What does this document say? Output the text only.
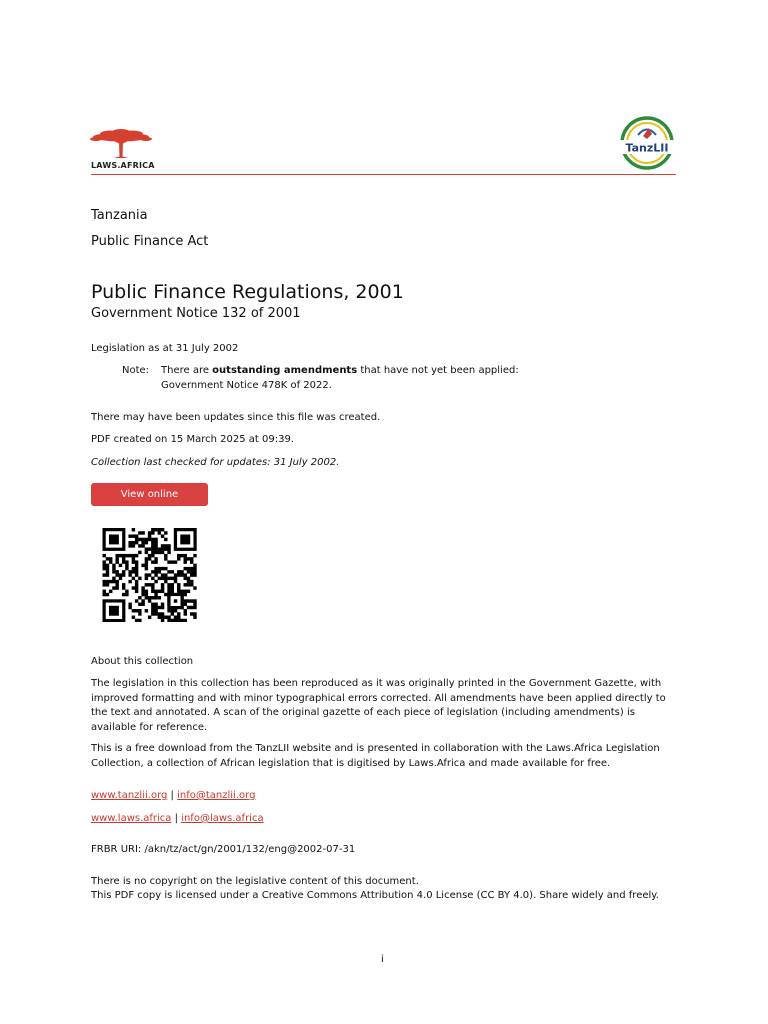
LAWS.AFRICA
TanzLII
Tanzania
Public Finance Act
Public Finance Regulations, 2001
Government Notice 132 of 2001
Legislation as at 31 July 2002
Note: There are outstanding amendments that have not yet been applied:
Government Notice 478K of 2022.
There may have been updates since this file was created.
PDF created on 15 March 2025 at 09:39.
Collection last checked for updates: 31 July 2002.
View online
About this collection
The legislation in this collection has been reproduced as it was originally printed in the Government Gazette, with improved formatting and with minor typographical errors corrected. All amendments have been applied directly to the text and annotated. A scan of the original gazette of each piece of legislation (including amendments) is available for reference.
This is a free download from the TanzLII website and is presented in collaboration with the Laws.Africa Legislation Collection, a collection of African legislation that is digitised by Laws.Africa and made available for free.
www.tanzlii.org | info@tanzlii.org
www.laws.africa | info@laws.africa
FRBR URI: /akn/tz/act/gn/2001/132/eng@2002-07-31
There is no copyright on the legislative content of this document.
This PDF copy is licensed under a Creative Commons Attribution 4.0 License (CC BY 4.0). Share widely and freely.
i
